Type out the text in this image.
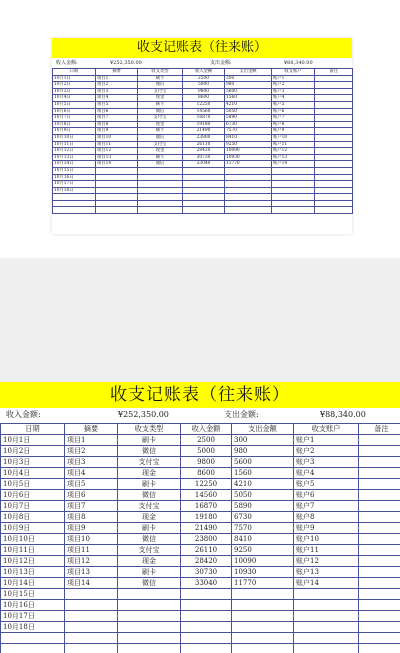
收支记账表（往来账）
收入金额:	¥252,350.00	支出金额:	¥88,340.00
日期	摘要	收支类型	收入金额	支出金额	收支账户	备注
10月1日	项目1	刷卡	2500	300	账户1	
10月2日	项目2	微信	5000	980	账户2	
10月3日	项目3	支付宝	9800	5600	账户3	
10月4日	项目4	现金	8600	1560	账户4	
10月5日	项目5	刷卡	12250	4210	账户5	
10月6日	项目6	微信	14560	5050	账户6	
10月7日	项目7	支付宝	16870	5890	账户7	
10月8日	项目8	现金	19180	6730	账户8	
10月9日	项目9	刷卡	21490	7570	账户9	
10月10日	项目10	微信	23800	8410	账户10	
10月11日	项目11	支付宝	26110	9250	账户11	
10月12日	项目12	现金	28420	10090	账户12	
10月13日	项目13	刷卡	30730	10930	账户13	
10月14日	项目14	微信	33040	11770	账户14	
10月15日						
10月16日						
10月17日						
10月18日						

收支记账表（往来账）
收入金额:	¥252,350.00	支出金额:	¥88,340.00
日期	摘要	收支类型	收入金额	支出金额	收支账户	备注
10月1日	项目1	刷卡	2500	300	账户1	
10月2日	项目2	微信	5000	980	账户2	
10月3日	项目3	支付宝	9800	5600	账户3	
10月4日	项目4	现金	8600	1560	账户4	
10月5日	项目5	刷卡	12250	4210	账户5	
10月6日	项目6	微信	14560	5050	账户6	
10月7日	项目7	支付宝	16870	5890	账户7	
10月8日	项目8	现金	19180	6730	账户8	
10月9日	项目9	刷卡	21490	7570	账户9	
10月10日	项目10	微信	23800	8410	账户10	
10月11日	项目11	支付宝	26110	9250	账户11	
10月12日	项目12	现金	28420	10090	账户12	
10月13日	项目13	刷卡	30730	10930	账户13	
10月14日	项目14	微信	33040	11770	账户14	
10月15日						
10月16日						
10月17日						
10月18日						
